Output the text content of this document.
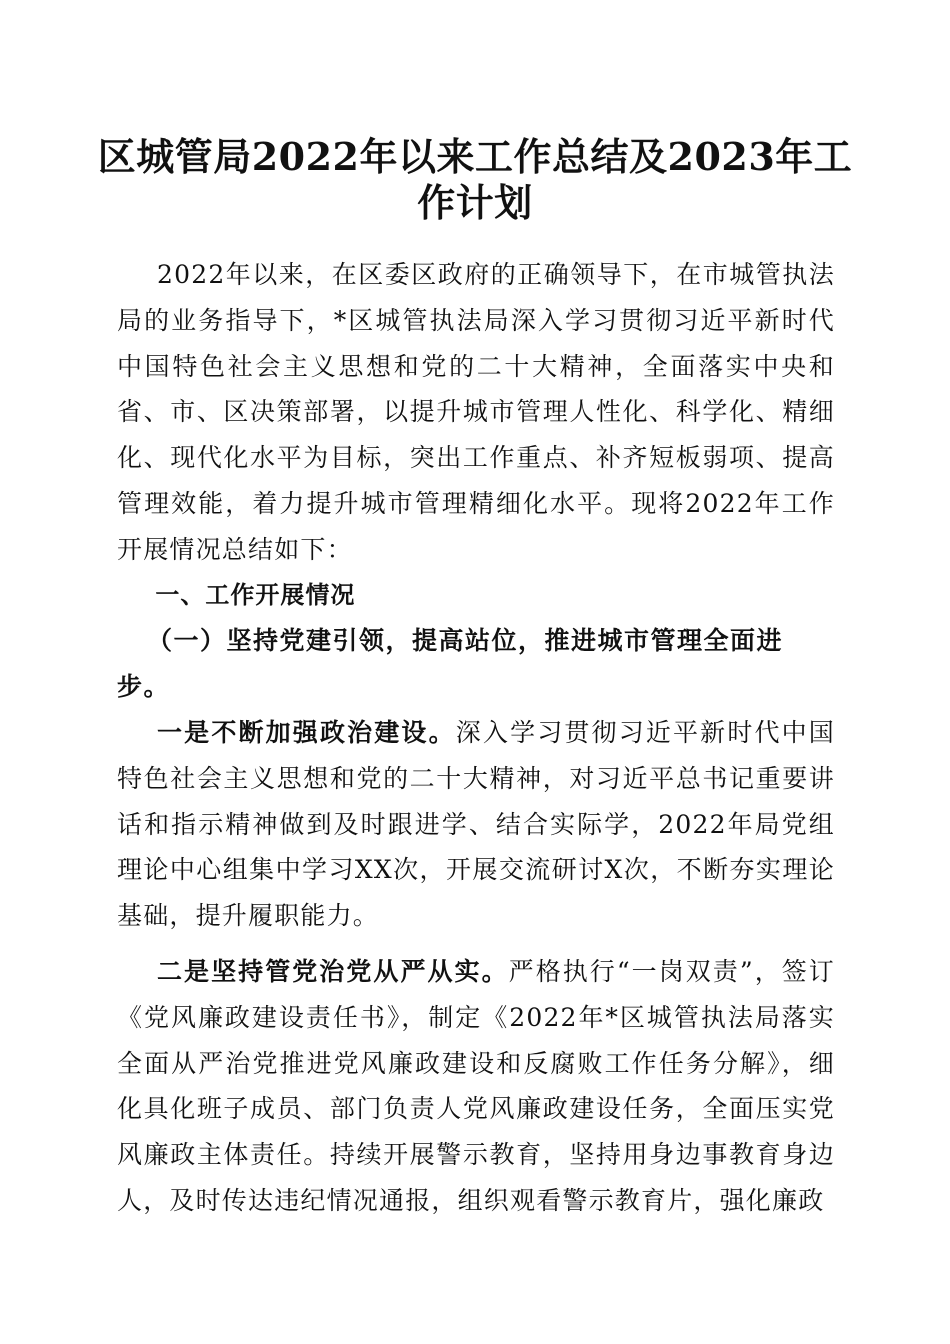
区城管局2022年以来工作总结及2023年工作计划

2022年以来，在区委区政府的正确领导下，在市城管执法局的业务指导下，*区城管执法局深入学习贯彻习近平新时代中国特色社会主义思想和党的二十大精神，全面落实中央和省、市、区决策部署，以提升城市管理人性化、科学化、精细化、现代化水平为目标，突出工作重点、补齐短板弱项、提高管理效能，着力提升城市管理精细化水平。现将2022年工作开展情况总结如下：

一、工作开展情况

（一）坚持党建引领，提高站位，推进城市管理全面进步。

一是不断加强政治建设。深入学习贯彻习近平新时代中国特色社会主义思想和党的二十大精神，对习近平总书记重要讲话和指示精神做到及时跟进学、结合实际学，2022年局党组理论中心组集中学习XX次，开展交流研讨X次，不断夯实理论基础，提升履职能力。

二是坚持管党治党从严从实。严格执行“一岗双责”，签订《党风廉政建设责任书》，制定《2022年*区城管执法局落实全面从严治党推进党风廉政建设和反腐败工作任务分解》，细化具化班子成员、部门负责人党风廉政建设任务，全面压实党风廉政主体责任。持续开展警示教育，坚持用身边事教育身边人，及时传达违纪情况通报，组织观看警示教育片，强化廉政
